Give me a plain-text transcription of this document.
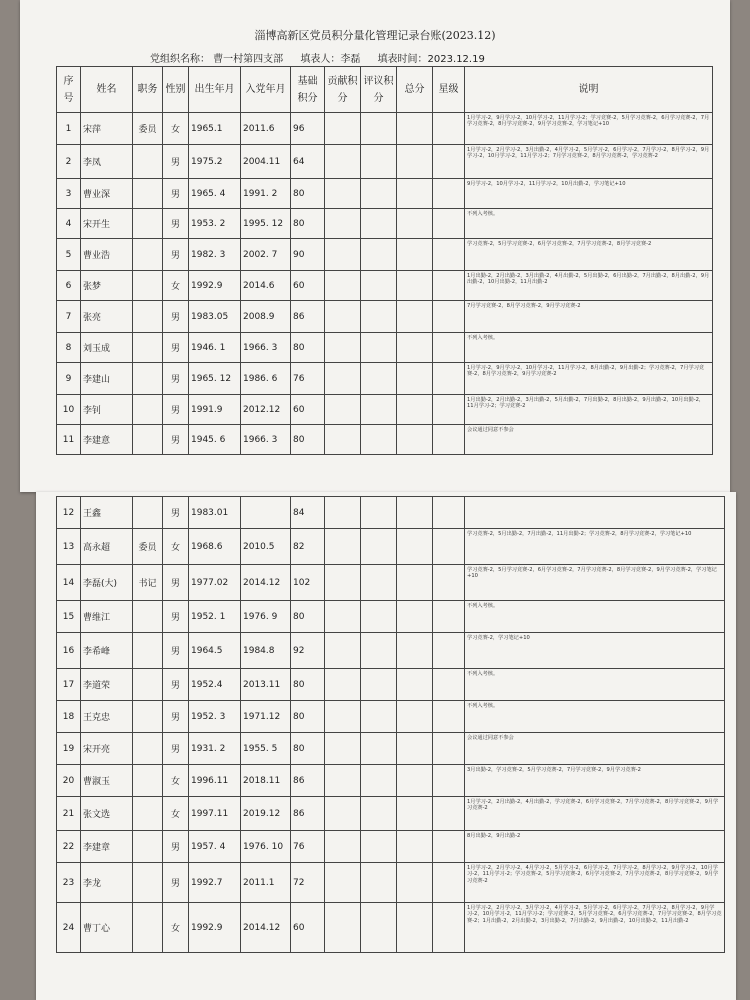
淄博高新区党员积分量化管理记录台账(2023.12)
党组织名称： 曹一村第四支部 填表人：李磊 填表时间：2023.12.19
序号	姓名	职务	性别	出生年月	入党年月	基础积分	贡献积分	评议积分	总分	星级	说明
1	宋萍	委员	女	1965.1	2011.6	96					1月学习-2，9月学习-2，10月学习-2，11月学习-2；学习竞赛-2，5月学习竞赛-2，6月学习竞赛-2，7月学习竞赛-2，8月学习竞赛-2，9月学习竞赛-2，学习笔记+10
2	李凤		男	1975.2	2004.11	64					1月学习-2，2月学习-2，3月出勤-2，4月学习-2，5月学习-2，6月学习-2，7月学习-2，8月学习-2，9月学习-2，10月学习-2，11月学习-2；7月学习竞赛-2，8月学习竞赛-2，学习竞赛-2
3	曹业深		男	1965. 4	1991. 2	80					9月学习-2，10月学习-2，11月学习-2，10月出勤-2，学习笔记+10
4	宋开生		男	1953. 2	1995. 12	80					不列入考核。
5	曹业浩		男	1982. 3	2002. 7	90					学习竞赛-2，5月学习竞赛-2，6月学习竞赛-2，7月学习竞赛-2，8月学习竞赛-2
6	张梦		女	1992.9	2014.6	60					1月出勤-2，2月出勤-2，3月出勤-2，4月出勤-2，5月出勤-2，6月出勤-2，7月出勤-2，8月出勤-2，9月出勤-2，10月出勤-2，11月出勤-2
7	张亮		男	1983.05	2008.9	86					7月学习竞赛-2，8月学习竞赛-2，9月学习竞赛-2
8	刘玉成		男	1946. 1	1966. 3	80					不列入考核。
9	李建山		男	1965. 12	1986. 6	76					1月学习-2，9月学习-2，10月学习-2，11月学习-2，8月出勤-2，9月出勤-2；学习竞赛-2，7月学习竞赛-2，8月学习竞赛-2，9月学习竞赛-2
10	李钊		男	1991.9	2012.12	60					1月出勤-2，2月出勤-2，3月出勤-2，5月出勤-2，7月出勤-2，8月出勤-2，9月出勤-2，10月出勤-2，11月学习-2；学习竞赛-2
11	李建意		男	1945. 6	1966. 3	80					会议通过同意不参会
12	王鑫		男	1983.01		84					
13	高永超	委员	女	1968.6	2010.5	82					学习竞赛-2，5月出勤-2，7月出勤-2，11月出勤-2；学习竞赛-2，8月学习竞赛-2，学习笔记+10
14	李磊(大)	书记	男	1977.02	2014.12	102					学习竞赛-2，5月学习竞赛-2，6月学习竞赛-2，7月学习竞赛-2，8月学习竞赛-2，9月学习竞赛-2，学习笔记+10
15	曹维江		男	1952. 1	1976. 9	80					不列入考核。
16	李希峰		男	1964.5	1984.8	92					学习竞赛-2，学习笔记+10
17	李道荣		男	1952.4	2013.11	80					不列入考核。
18	王克忠		男	1952. 3	1971.12	80					不列入考核。
19	宋开亮		男	1931. 2	1955. 5	80					会议通过同意不参会
20	曹淑玉		女	1996.11	2018.11	86					3月出勤-2，学习竞赛-2，5月学习竞赛-2，7月学习竞赛-2，9月学习竞赛-2
21	张文选		女	1997.11	2019.12	86					1月学习-2，2月出勤-2，4月出勤-2，学习竞赛-2，6月学习竞赛-2，7月学习竞赛-2，8月学习竞赛-2，9月学习竞赛-2
22	李建章		男	1957. 4	1976. 10	76					8月出勤-2，9月出勤-2
23	李龙		男	1992.7	2011.1	72					1月学习-2，2月学习-2，4月学习-2，5月学习-2，6月学习-2，7月学习-2，8月学习-2，9月学习-2，10月学习-2，11月学习-2；学习竞赛-2，5月学习竞赛-2，6月学习竞赛-2，7月学习竞赛-2，8月学习竞赛-2，9月学习竞赛-2
24	曹丁心		女	1992.9	2014.12	60					1月学习-2，2月学习-2，3月学习-2，4月学习-2，5月学习-2，6月学习-2，7月学习-2，8月学习-2，9月学习-2，10月学习-2，11月学习-2；学习竞赛-2，5月学习竞赛-2，6月学习竞赛-2，7月学习竞赛-2，8月学习竞赛-2；1月出勤-2，2月出勤-2，3月出勤-2，7月出勤-2，9月出勤-2，10月出勤-2，11月出勤-2
